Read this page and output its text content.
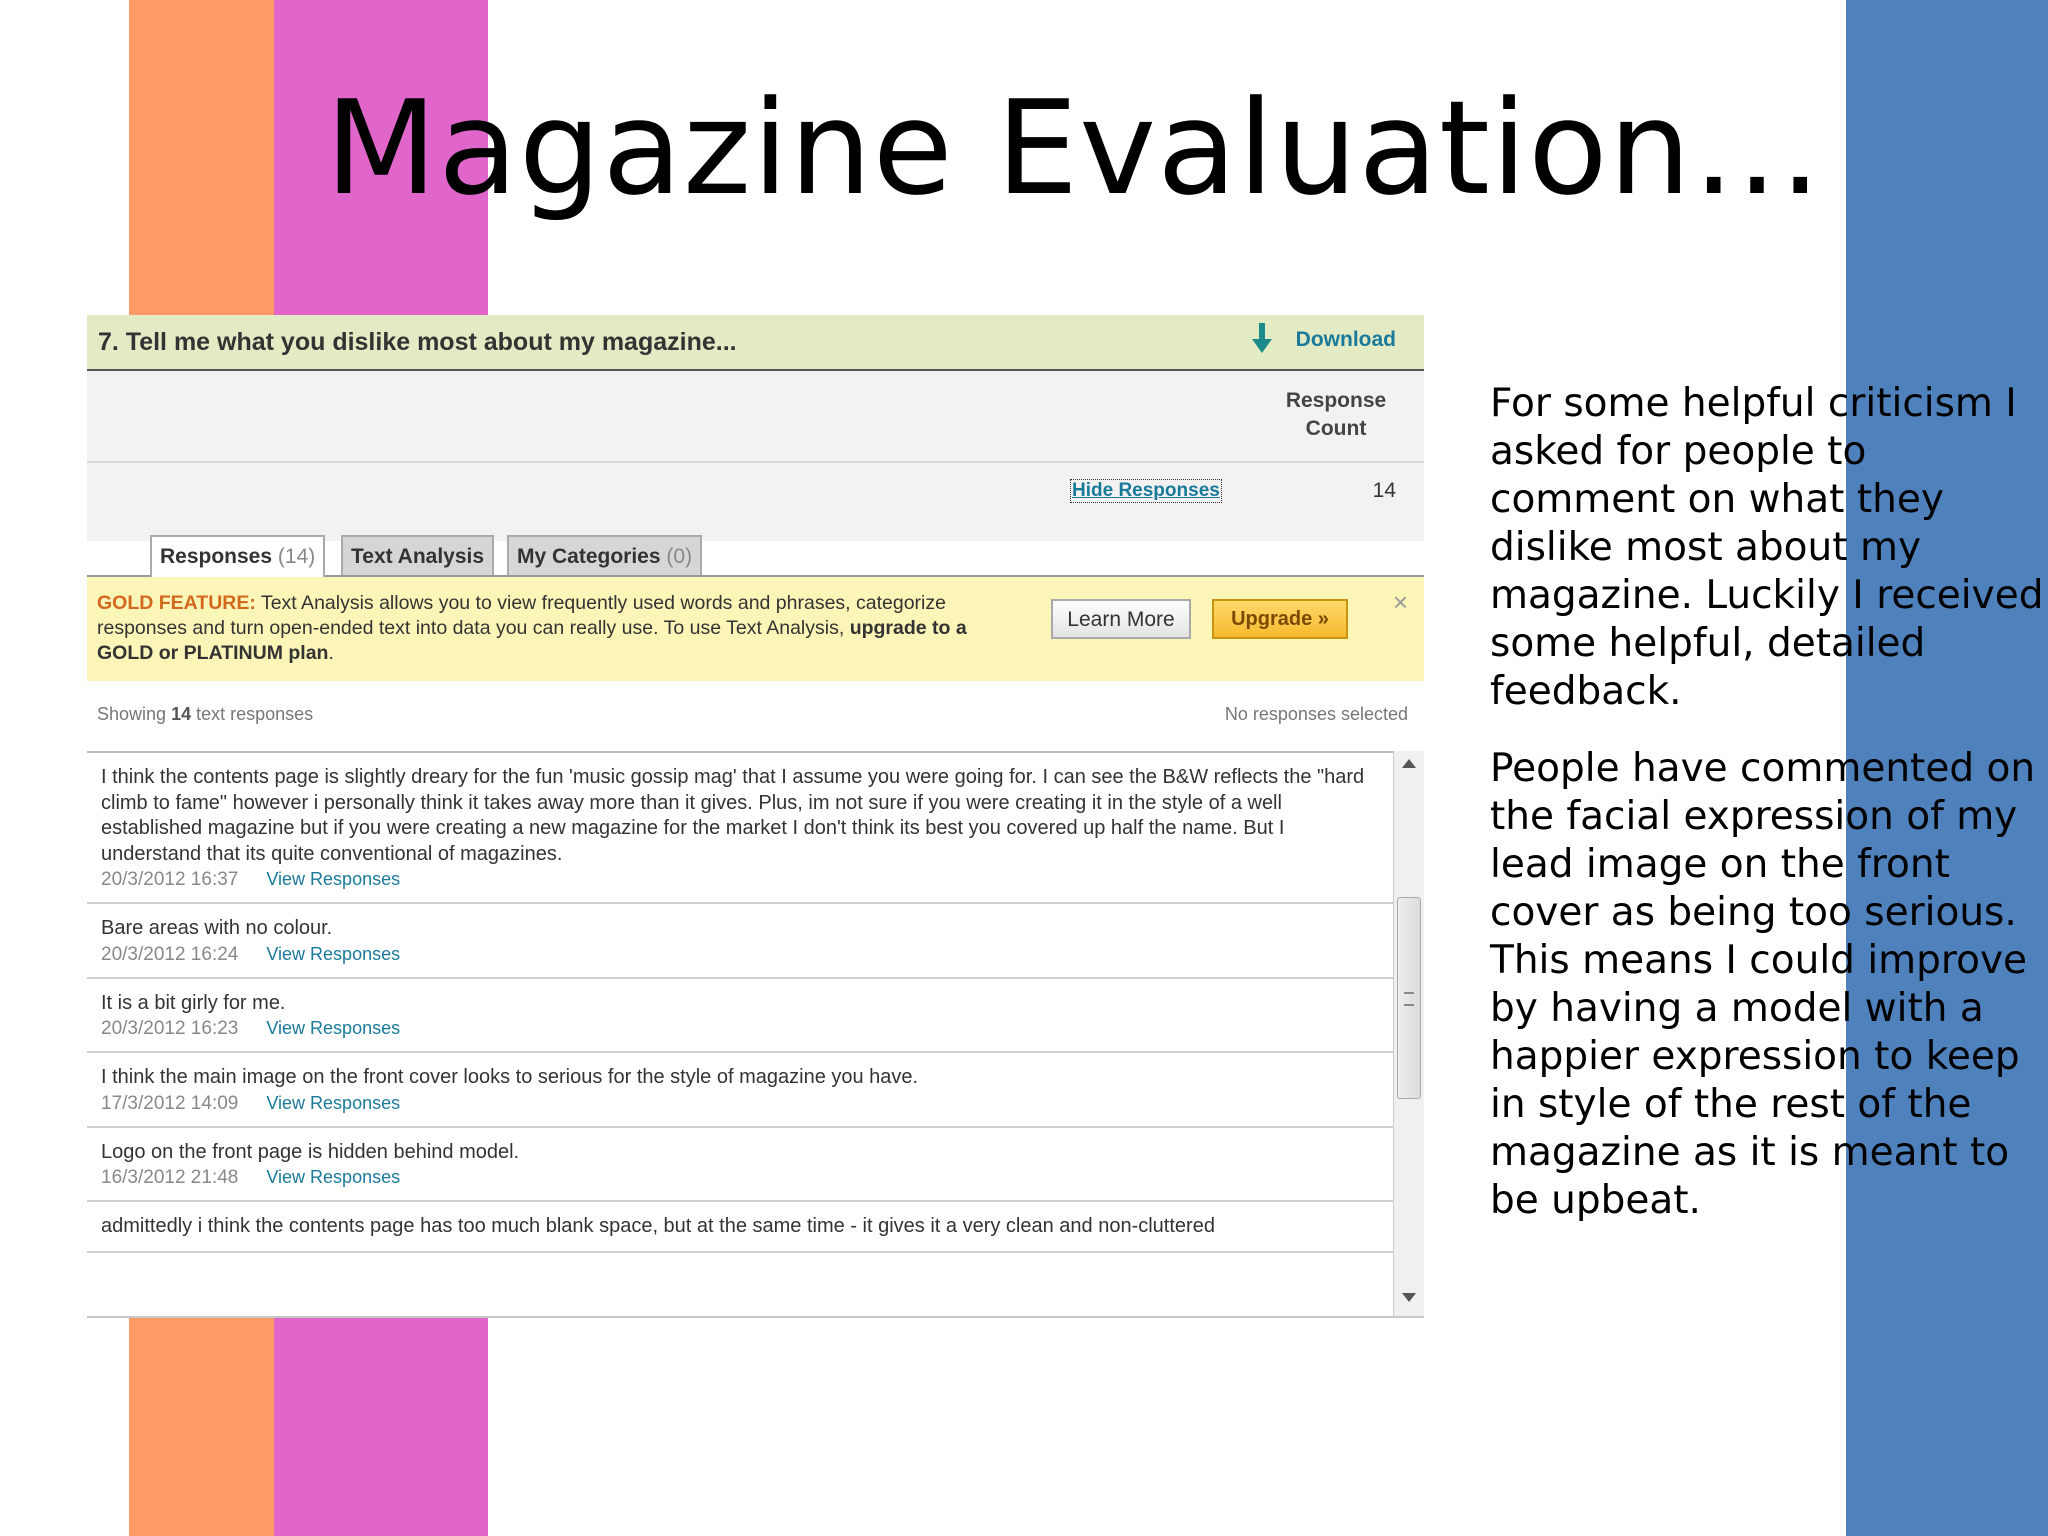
Magazine Evaluation…
7. Tell me what you dislike most about my magazine...	Download
Response Count
Hide Responses	14
Responses (14)	Text Analysis	My Categories (0)
GOLD FEATURE: Text Analysis allows you to view frequently used words and phrases, categorize responses and turn open-ended text into data you can really use. To use Text Analysis, upgrade to a GOLD or PLATINUM plan.
Learn More	Upgrade »
×
Showing 14 text responses	No responses selected
I think the contents page is slightly dreary for the fun 'music gossip mag' that I assume you were going for. I can see the B&W reflects the "hard climb to fame" however i personally think it takes away more than it gives. Plus, im not sure if you were creating it in the style of a well established magazine but if you were creating a new magazine for the market I don't think its best you covered up half the name. But I understand that its quite conventional of magazines.
20/3/2012 16:37 View Responses
Bare areas with no colour.
20/3/2012 16:24 View Responses
It is a bit girly for me.
20/3/2012 16:23 View Responses
I think the main image on the front cover looks to serious for the style of magazine you have.
17/3/2012 14:09 View Responses
Logo on the front page is hidden behind model.
16/3/2012 21:48 View Responses
admittedly i think the contents page has too much blank space, but at the same time - it gives it a very clean and non-cluttered

For some helpful criticism I asked for people to comment on what they dislike most about my magazine. Luckily I received some helpful, detailed feedback.

People have commented on the facial expression of my lead image on the front cover as being too serious. This means I could improve by having a model with a happier expression to keep in style of the rest of the magazine as it is meant to be upbeat.
